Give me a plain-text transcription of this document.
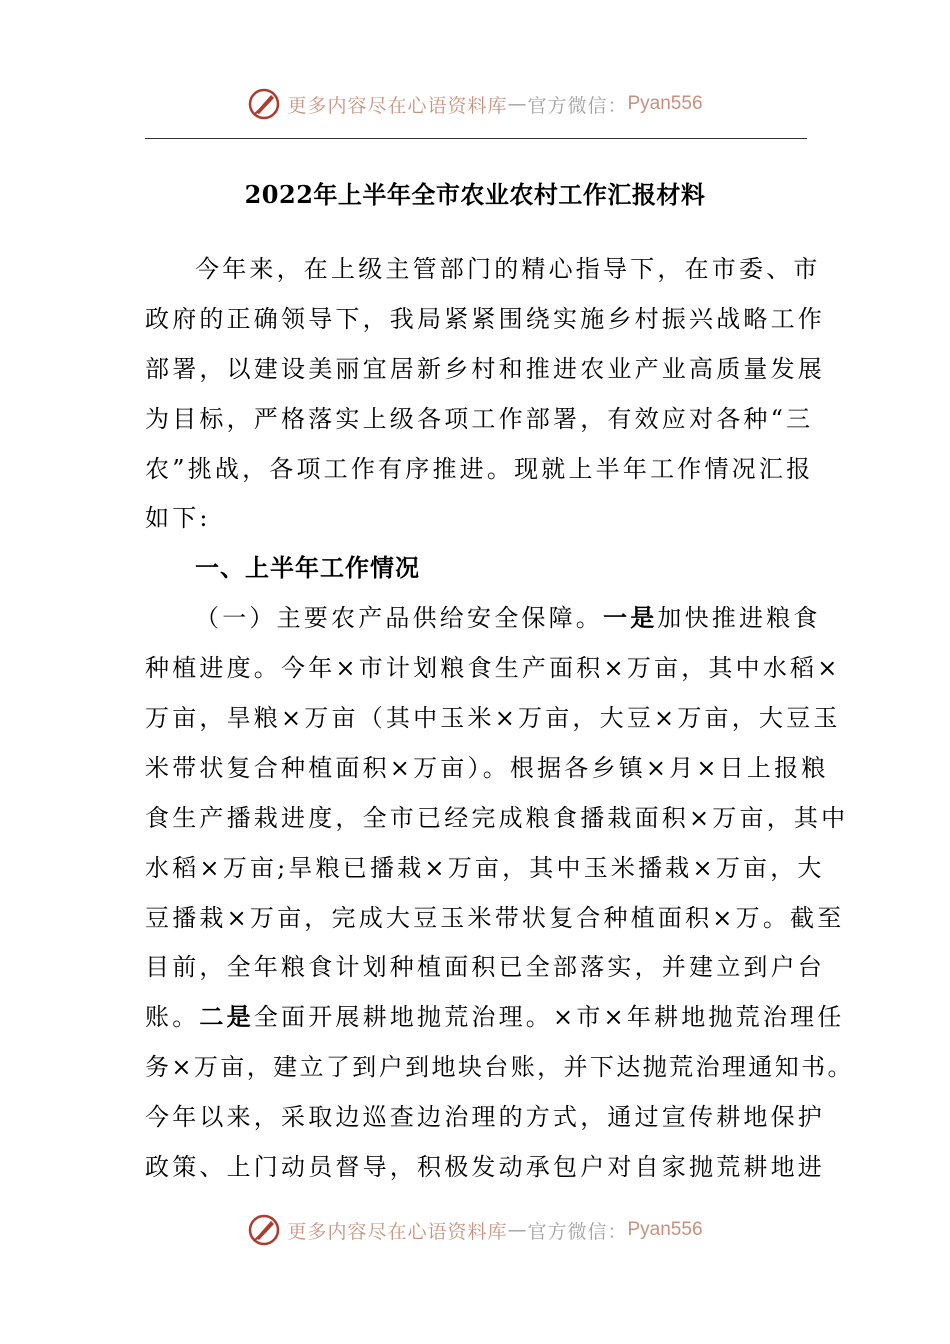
更多内容尽在心语资料库 — 官方微信： Pyan556
2022年上半年全市农业农村工作汇报材料
今年来，在上级主管部门的精心指导下，在市委、市
政府的正确领导下，我局紧紧围绕实施乡村振兴战略工作
部署，以建设美丽宜居新乡村和推进农业产业高质量发展
为目标，严格落实上级各项工作部署，有效应对各种“三
农”挑战，各项工作有序推进。现就上半年工作情况汇报
如下:
一、上半年工作情况
（一）主要农产品供给安全保障。一是加快推进粮食
种植进度。今年×市计划粮食生产面积×万亩，其中水稻×
万亩，旱粮×万亩（其中玉米×万亩，大豆×万亩，大豆玉
米带状复合种植面积×万亩）。根据各乡镇×月×日上报粮
食生产播栽进度，全市已经完成粮食播栽面积×万亩，其中
水稻×万亩;旱粮已播栽×万亩，其中玉米播栽×万亩，大
豆播栽×万亩，完成大豆玉米带状复合种植面积×万。截至
目前，全年粮食计划种植面积已全部落实，并建立到户台
账。二是全面开展耕地抛荒治理。×市×年耕地抛荒治理任
务×万亩，建立了到户到地块台账，并下达抛荒治理通知书。
今年以来，采取边巡查边治理的方式，通过宣传耕地保护
政策、上门动员督导，积极发动承包户对自家抛荒耕地进
更多内容尽在心语资料库 — 官方微信： Pyan556
